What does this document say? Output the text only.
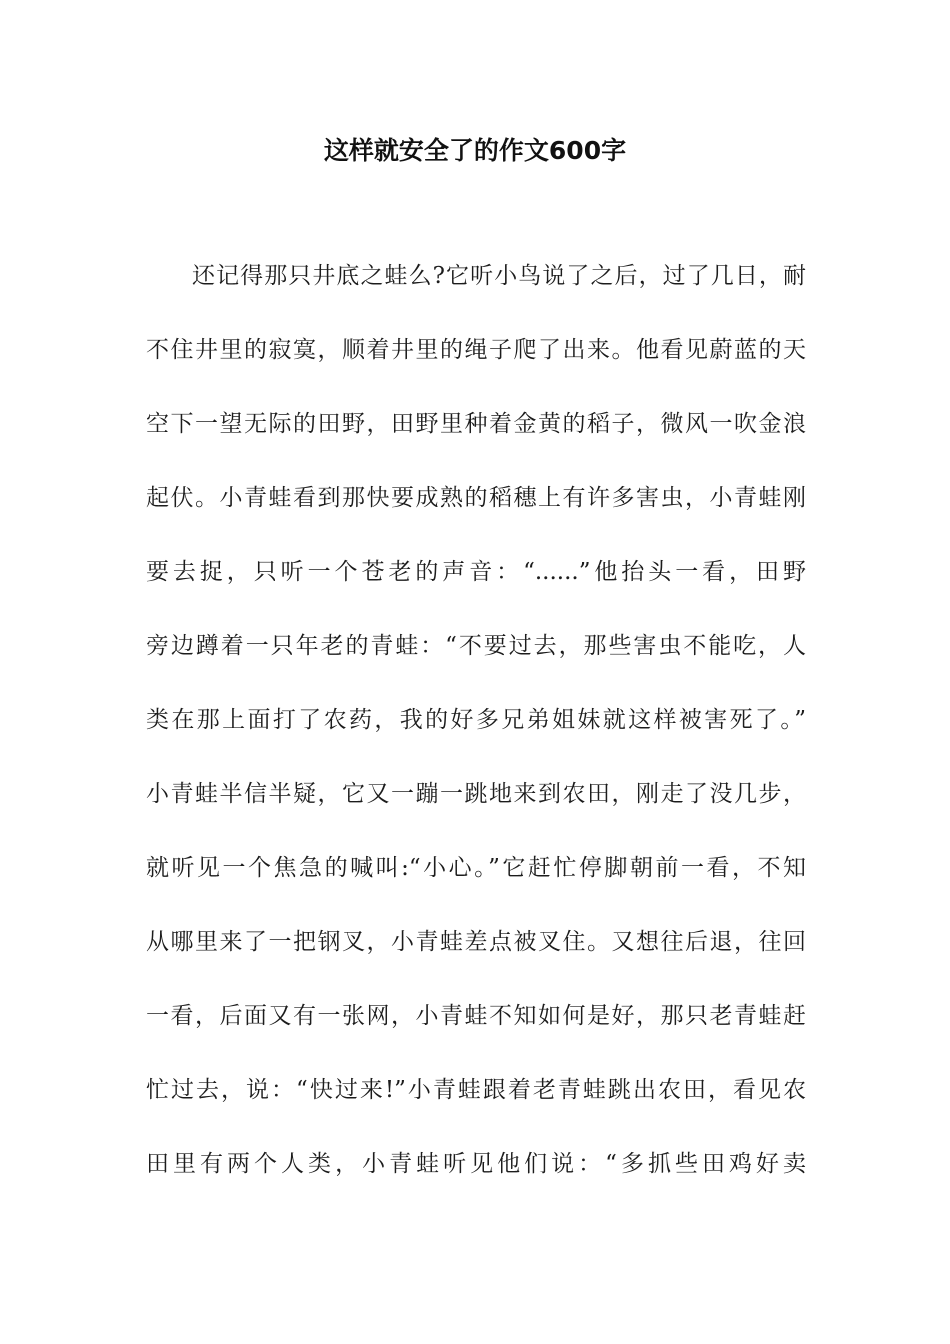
这样就安全了的作文600字
还记得那只井底之蛙么?它听小鸟说了之后，过了几日，耐
不住井里的寂寞，顺着井里的绳子爬了出来。他看见蔚蓝的天
空下一望无际的田野，田野里种着金黄的稻子，微风一吹金浪
起伏。小青蛙看到那快要成熟的稻穗上有许多害虫，小青蛙刚
要去捉，只听一个苍老的声音：“......”他抬头一看，田野
旁边蹲着一只年老的青蛙：“不要过去，那些害虫不能吃，人
类在那上面打了农药，我的好多兄弟姐妹就这样被害死了。”
小青蛙半信半疑，它又一蹦一跳地来到农田，刚走了没几步，
就听见一个焦急的喊叫:“小心。”它赶忙停脚朝前一看，不知
从哪里来了一把钢叉，小青蛙差点被叉住。又想往后退，往回
一看，后面又有一张网，小青蛙不知如何是好，那只老青蛙赶
忙过去，说：“快过来!”小青蛙跟着老青蛙跳出农田，看见农
田里有两个人类，小青蛙听见他们说：“多抓些田鸡好卖
